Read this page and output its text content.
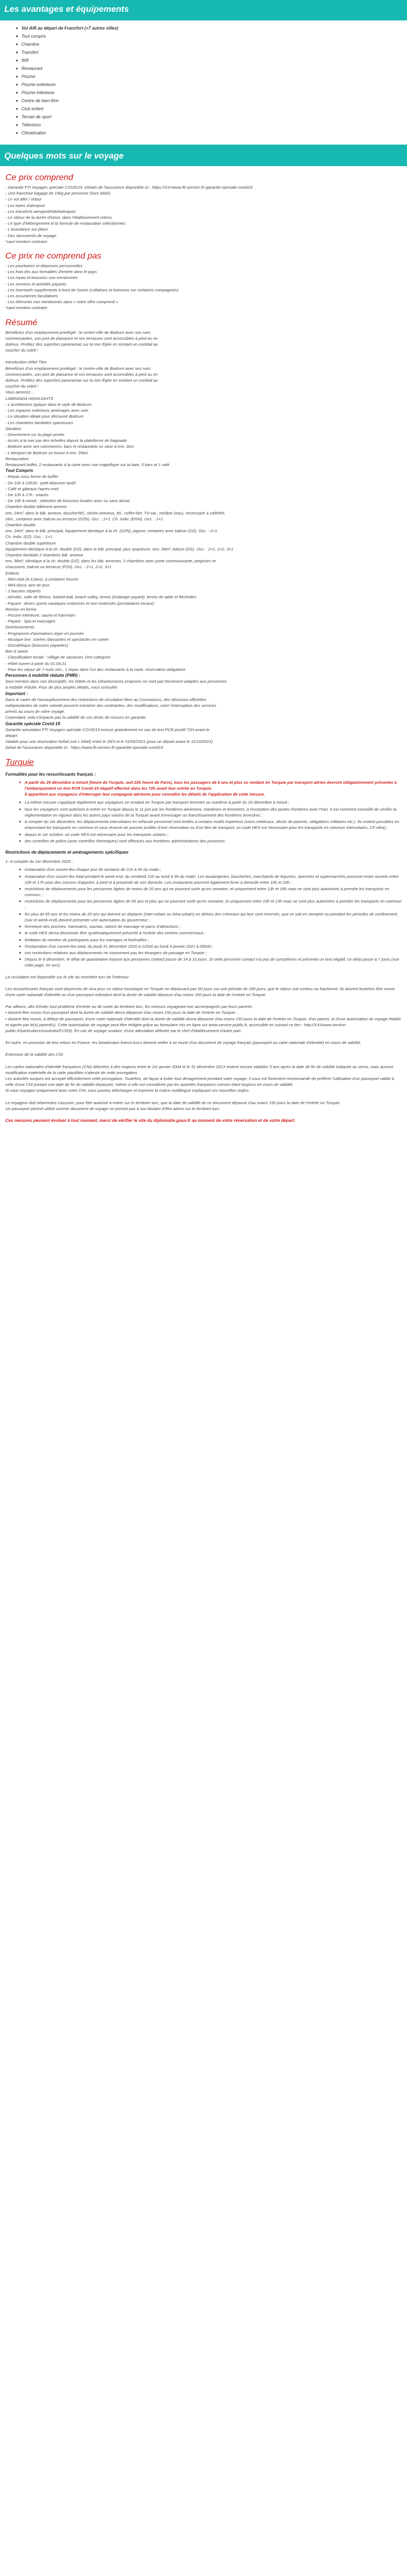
Les avantages et équipements
Vol A/R au départ de Francfort (+7 autres villes)
Tout compris
Chambre
Transfert
Wifi
Restaurant
Piscine
Piscine extérieure
Piscine intérieure
Centre de bien-être
Club enfant
Terrain de sport
Télévision
Climatisation
Quelques mots sur le voyage
Ce prix comprend
- Garantie FTI Voyages spéciale COVID19. Détails de l'assurance disponible ici : https://XXXwww.fti-service.fr/-garantie-speciale-covid19
- Une franchise bagage de 15kg par personne (hors bébé)
- Le vol aller / retour
- Les taxes d'aéroport
- Les transferts aéroport/hôtel/aéroport.
- Le séjour de la durée choisie, dans l'établissement retenu.
- Le type d'hébergement et la formule de restauration sélectionnés.
- L'assistance sur place.
- Des documents de voyage.
*sauf mention contraire
Ce prix ne comprend pas
- Les pourboires et dépenses personnelles
- Les frais liés aux formalités d'entrée dans le pays
- Les repas et boissons non mentionnés
- Les services et activités payants
- Les éventuels suppléments à bord de l'avion (collations et boissons sur certaines compagnies)
- Les assurances facultatives
- Les éléments non mentionnés dans « notre offre comprend »
*sauf mention contraire
Résumé
Bénéficiez d'un emplacement privilégié : le centre-ville de Bodrum avec ses rues
commerçantes, son port de plaisance et ses terrasses sont accessibles à pied ou en
dolmus. Profitez des superbes panoramas sur la mer Égée en sirotant un cocktail au
coucher du soleil !
Introduction Hôtel Titre
Bénéficiez d'un emplacement privilégié : le centre-ville de Bodrum avec ses rues
commerçantes, son port de plaisance et ses terrasses sont accessibles à pied ou en
dolmus. Profitez des superbes panoramas sur la mer Égée en sirotant un cocktail au
coucher du soleil !
Vous aimerez...
LABRANDA HIGHLIGHTS
- L'architecture typique dans le style de Bodrum
- Les espaces extérieurs aménagés avec soin
- La situation idéale pour découvrir Bodrum
- Les chambres familiales spacieuses
Situation
- Directement sur la plage privée
- Accès à la mer par des échelles depuis la plateforme de baignade
- Bodrum avec ses commerces, bars et restaurants se situe à env. 1km
- L'aéroport de Bodrum se trouve à env. 35km
Restauration
Restaurant buffet, 2 restaurants à la carte avec vue magnifique sur la baie, 5 bars et 1 café
Tout Compris
- Repas sous forme de buffet
- De 10h à 10h30 : petit-déjeuner tardif
- Café et gâteaux l'après-midi
- De 12h à 17h : snacks
- De 10h à minuit : sélection de boissons locales avec ou sans alcool
Chambre double bâtiment annexe
env. 24m², dans le bât. annexe, douche/WC, sèche-cheveux, tél., coffre-fort, TV-sat., minibar (eau), nécessaire à café/thé,
clim., certaines avec balcon ou terrasse (DZN). Occ. : 2+1. Ch. Indiv. (EGN). Occ. : 1+1
Chambre double
env. 24m², dans le bât. principal, équipement identique à la ch. (DZN), pignon, certaines avec balcon (DZ). Occ. : 2+1.
Ch. Indiv. (EZ). Occ. : 1+1
Chambre double supérieure
équipement identique à la ch. double (DZ), dans le bât. principal, plus spacieuse, env. 34m², balcon (DS). Occ. : 2+1, 2+2, 3+1
Chambre familiale 2 chambres bât. annexe
env. 38m², identique à la ch. double (DZ), dans les bât. annexes, 2 chambres avec porte communicante, peignoirs et
chaussons, balcon ou terrasse (F2N). Occ. : 2+1, 2+2, 3+1
Enfants
- Mini-club (4-12ans), à certaines heures
- Mini-disco, aire de jeux
- 2 bassins séparés
- Aérobic, salle de fitness, basket-ball, beach-volley, tennis (éclairage payant), tennis de table et fléchettes
- Payant : divers sports nautiques motorisés et non motorisés (prestataires locaux)
Remise en forme
- Piscine intérieure, sauna et hammam
- Payant : Spa et massages
Divertissements
- Programme d'animations léger en journée
- Musique live, soirées dansantes et spectacles en soirée
- Discothèque (boissons payantes)
Bon à savoir
- Classification locale : Village de vacances 1ère catégorie
- Hôtel ouvert à partir du 01.04.21
- Pour les séjour de 7 nuits min., 1 repas dans l'un des restaurants à la carte, réservation obligatoire
Personnes à mobilité réduite (PMR) :
Seul mention dans nos descriptifs, les hôtels et les infrastructures proposés ne sont pas forcément adaptés aux personnes
à mobilité réduite. Pour de plus amples détails, nous consulter.
Important :
Dans le cadre de l'assouplissement des restrictions de circulation liées au Coronavirus, des décisions officielles
indépendantes de notre volonté peuvent entraîner des contraintes, des modifications, voire l'interruption des services
préviis au cours de votre voyage.
Cependant, cela n'impacte pas la validité de vos droits de recours en garantie.
Garantie spéciale Covid 19
Garantie annulation FTI Voyages spéciale COVID19 incluse gratuitement en cas de test PCR positif 72H avant le
départ.
Valable pour une réservation forfait (vol + hôtel) entre le 29/3 et le 31/05/2021 (pour un départ avant le 31/10/2021).
Détail de l'assurance disponible ici : https://www.fti-service.fr/-garantie-speciale-covid19
Turquie
Formalités pour les ressortissants français :
A partir du 29 décembre à minuit (heure de Turquie, soit 22h heure de Paris), tous les passagers de 6 ans et plus se rendant en Turquie par transport aérien devront obligatoirement présenter à l'embarquement un test PCR Covid-19 négatif effectué dans les 72h avant leur entrée en Turquie.
Il appartient aux voyageurs d'interroger leur compagnie aérienne pour connaître les détails de l'application de cette mesure.
La même mesure s'applique également aux voyageurs se rendant en Turquie par transport terrestre ou maritime à partir du 29 décembre à minuit ;
tous les voyageurs sont autorisés à entrer en Turquie depuis le 11 juin par les frontières aériennes, maritimes et terrestres, à l'exception des postes frontières avec l'Iran. Il est vivement conseillé de vérifier la règlementation en vigueur dans les autres pays voisins de la Turquie avant d'envisager un franchissement des frontières terrestres ;
à compter du 1er décembre, les déplacements interurbains en véhicule personnel sont limités à certains motifs impérieux (soins médicaux, décès de parents, obligations militaires etc.). Ils restent possibles en empruntant les transports en commun et sous réserve de pouvoir justifier d'une réservation ou d'un titre de transport, un code HES est nécessaire pour les transports en commun interurbains, CF infra) ;
depuis le 1er octobre, un code HES est nécessaire pour les transports urbains ;
des contrôles de police (avec contrôles thermiques) sont effectués aux frontières administratives des provinces.
Restrictions de déplacements et aménagements spécifiques
1- A compter du 1er décembre 2020 :
instauration d'un couvre-feu chaque jour de semaine de 21h à 5h du matin ;
instauration d'un couvre-feu total pendant le week-end, du vendredi 21h au lundi à 5h du matin. Les boulangeries, boucheries, marchands de légumes, épiceries et supermarchés pourront rester ouverts entre 10h et 17h pour des courses d'appoint, à pied et à proximité de son domicile. Les restaurants pourront également livrer à domicile entre 10h et 20h ;
restrictions de déplacements pour les personnes âgées de moins de 20 ans qui ne pourront sortir qu'en semaine, et uniquement entre 13h et 16h mais ne sont plus autorisées à prendre les transports en commun ;
restrictions de déplacements pour les personnes âgées de 65 ans et plus qui ne pourront sortir qu'en semaine, et uniquement entre 10h et 13h mais ne sont plus autorisées à prendre les transports en commun ;
les plus de 65 ans et les moins de 20 ans qui doivent se déplacer (inter-urbain ou intra-urbain) en dehors des créneaux qui leur sont réservés, que ce soit en semaine ou pendant les périodes de confinement (soir et week-end) doivent présenter une autorisation du gouverneur ;
fermeture des piscines, hammams, saunas, salons de massage et parcs d'attractions ;
le code HES devra désormais être systématiquement présenté à l'entrée des centres commerciaux ;
limitation du nombre de participants pour les mariages et funérailles ;
l'instauration d'un couvre-feu total, du jeudi 31 décembre 2020 à 21h00 au lundi 4 janvier 2021 à 05h00 ;
ces restrictions relatives aux déplacements ne concernent pas les étrangers de passage en Turquie ;
Depuis le 8 décembre, le délai de quarantaine imposé aux personnes contact passe de 14 à 10 jours. Si cette personne contact n'a pas de symptômes et présente un test négatif, ce délai passe à 7 jours (voir cette page, en turc).
La circulation est disponible sur le site du ministère turc de l'Intérieur
Les ressortissants français sont dispensés de visa pour un séjour touristique en Turquie ne dépassant pas 90 jours sur une période de 180 jours, que le séjour soit continu ou fractionné. Ils doivent toutefois être munis d'une carte nationale d'identité ou d'un passeport individuel dont la durée de validité dépasse d'au moins 150 jours la date de l'entrée en Turquie.
Par ailleurs, afin d'éviter tout problème d'entrée ou de sortie du territoire turc, les mineurs voyageant non accompagnés par leurs parents :
• doivent être munis d'un passeport dont la durée de validité devra dépasser d'au moins 150 jours la date de l'entrée en Turquie ;
• doivent être munis, à défaut de passeport, d'une carte nationale d'identité dont la durée de validité devra dépasser d'au moins 150 jours la date de l'entrée en Turquie, d'un parent, et d'une autorisation de voyage établie et signée par le(s) parent(s). Cette autorisation de voyage peut être rédigée grâce au formulaire mis en ligne sur www.service-public.fr, accessible en suivant ce lien : http://XXXwww.service-public.fr/particuliers/vosdroits/F1359). En cas de voyage scolaire, d'une attestation délivrée par le chef d'établissement d'autre part.
En outre, en provision de leur retour en France, les binationaux franco-turcs doivent veiller à se munir d'un document de voyage français (passeport ou carte nationale d'identité) en cours de validité.
Extension de la validité des CNI
Les cartes nationales d'identité françaises (CNI) délivrées à des majeurs entre le 1er janvier 2004 et le 31 décembre 2013 restent encore valables 5 ans après la date de fin de validité indiquée au verso, mais aucune modification matérielle de la carte plastifiée n'atteste de cette prorogation.
Les autorités turques ont accepté officiellement cette prorogation. Toutefois, de façon à éviter tout désagrément pendant votre voyage, il vous est fortement recommandé de préférer l'utilisation d'un passeport valide à celle d'une CNI portant une date de fin de validité dépassée, même si elle est considérée par les autorités françaises comme étant toujours en cours de validité.
Si vous voyagez uniquement avec votre CNI, vous pouvez télécharger et imprimer la notice multilingue expliquant ces nouvelles règles.
Le voyageur doit néanmoins s'assurer, pour être autorisé à entrer sur le territoire turc, que la date de validité de ce document dépasse d'au moins 150 jours la date de l'entrée en Turquie.
Un passeport périmé utilisé comme document de voyage ne permet pas à son titulaire d'être admis sur le territoire turc.
Ces mesures peuvent évoluer à tout moment, merci de vérifier le site du diplomatie.gouv.fr au moment de votre réservation et de votre départ.
